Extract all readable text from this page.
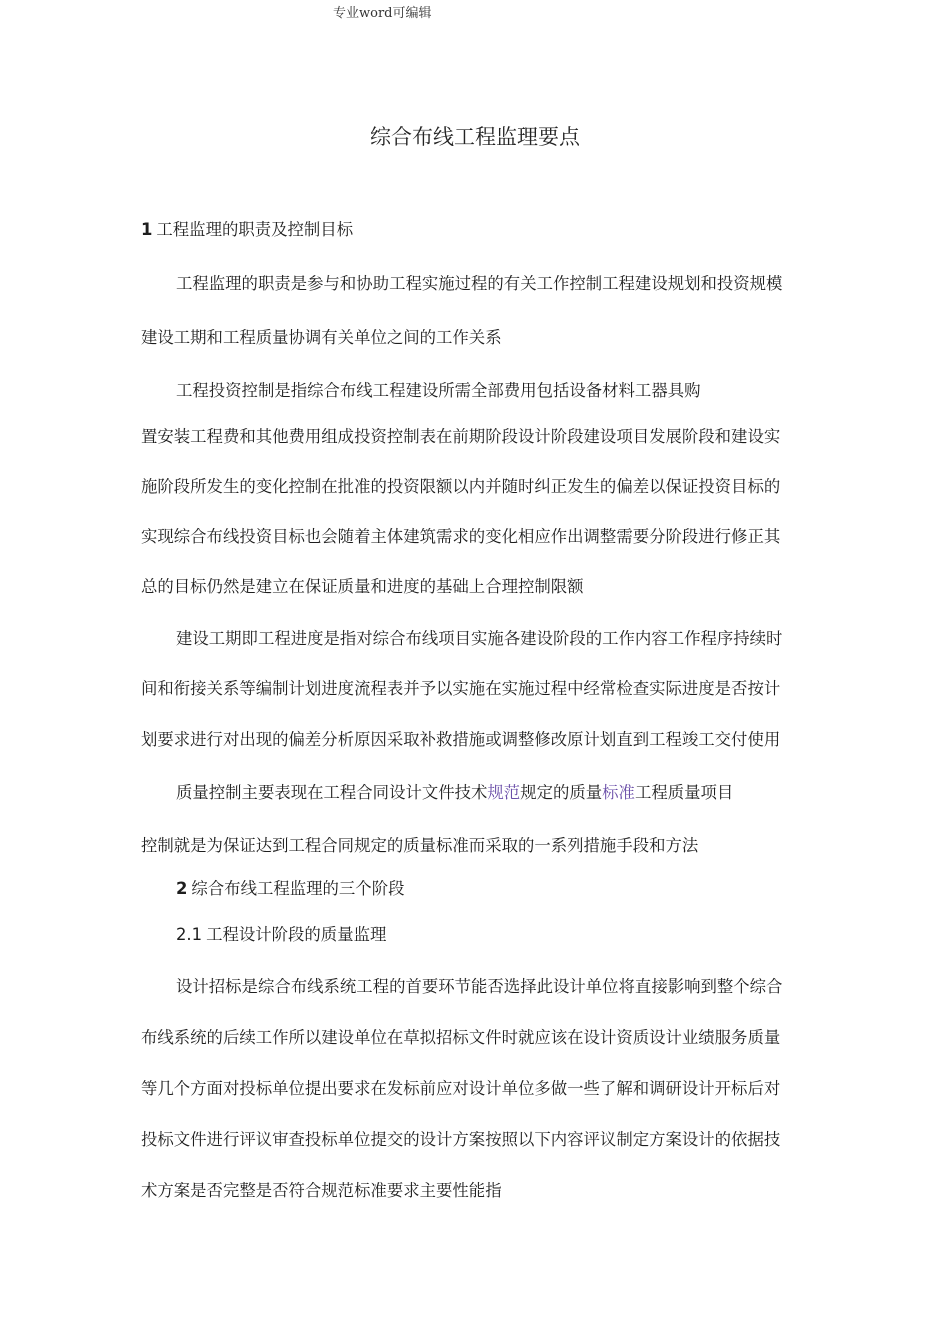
专业word可编辑
综合布线工程监理要点
1 工程监理的职责及控制目标
工程监理的职责是参与和协助工程实施过程的有关工作控制工程建设规划和投资规模
建设工期和工程质量协调有关单位之间的工作关系
工程投资控制是指综合布线工程建设所需全部费用包括设备材料工器具购
置安装工程费和其他费用组成投资控制表在前期阶段设计阶段建设项目发展阶段和建设实
施阶段所发生的变化控制在批准的投资限额以内并随时纠正发生的偏差以保证投资目标的
实现综合布线投资目标也会随着主体建筑需求的变化相应作出调整需要分阶段进行修正其
总的目标仍然是建立在保证质量和进度的基础上合理控制限额
建设工期即工程进度是指对综合布线项目实施各建设阶段的工作内容工作程序持续时
间和衔接关系等编制计划进度流程表并予以实施在实施过程中经常检查实际进度是否按计
划要求进行对出现的偏差分析原因采取补救措施或调整修改原计划直到工程竣工交付使用
质量控制主要表现在工程合同设计文件技术规范规定的质量标准工程质量项目
控制就是为保证达到工程合同规定的质量标准而采取的一系列措施手段和方法
2 综合布线工程监理的三个阶段
2.1 工程设计阶段的质量监理
设计招标是综合布线系统工程的首要环节能否选择此设计单位将直接影响到整个综合
布线系统的后续工作所以建设单位在草拟招标文件时就应该在设计资质设计业绩服务质量
等几个方面对投标单位提出要求在发标前应对设计单位多做一些了解和调研设计开标后对
投标文件进行评议审查投标单位提交的设计方案按照以下内容评议制定方案设计的依据技
术方案是否完整是否符合规范标准要求主要性能指
